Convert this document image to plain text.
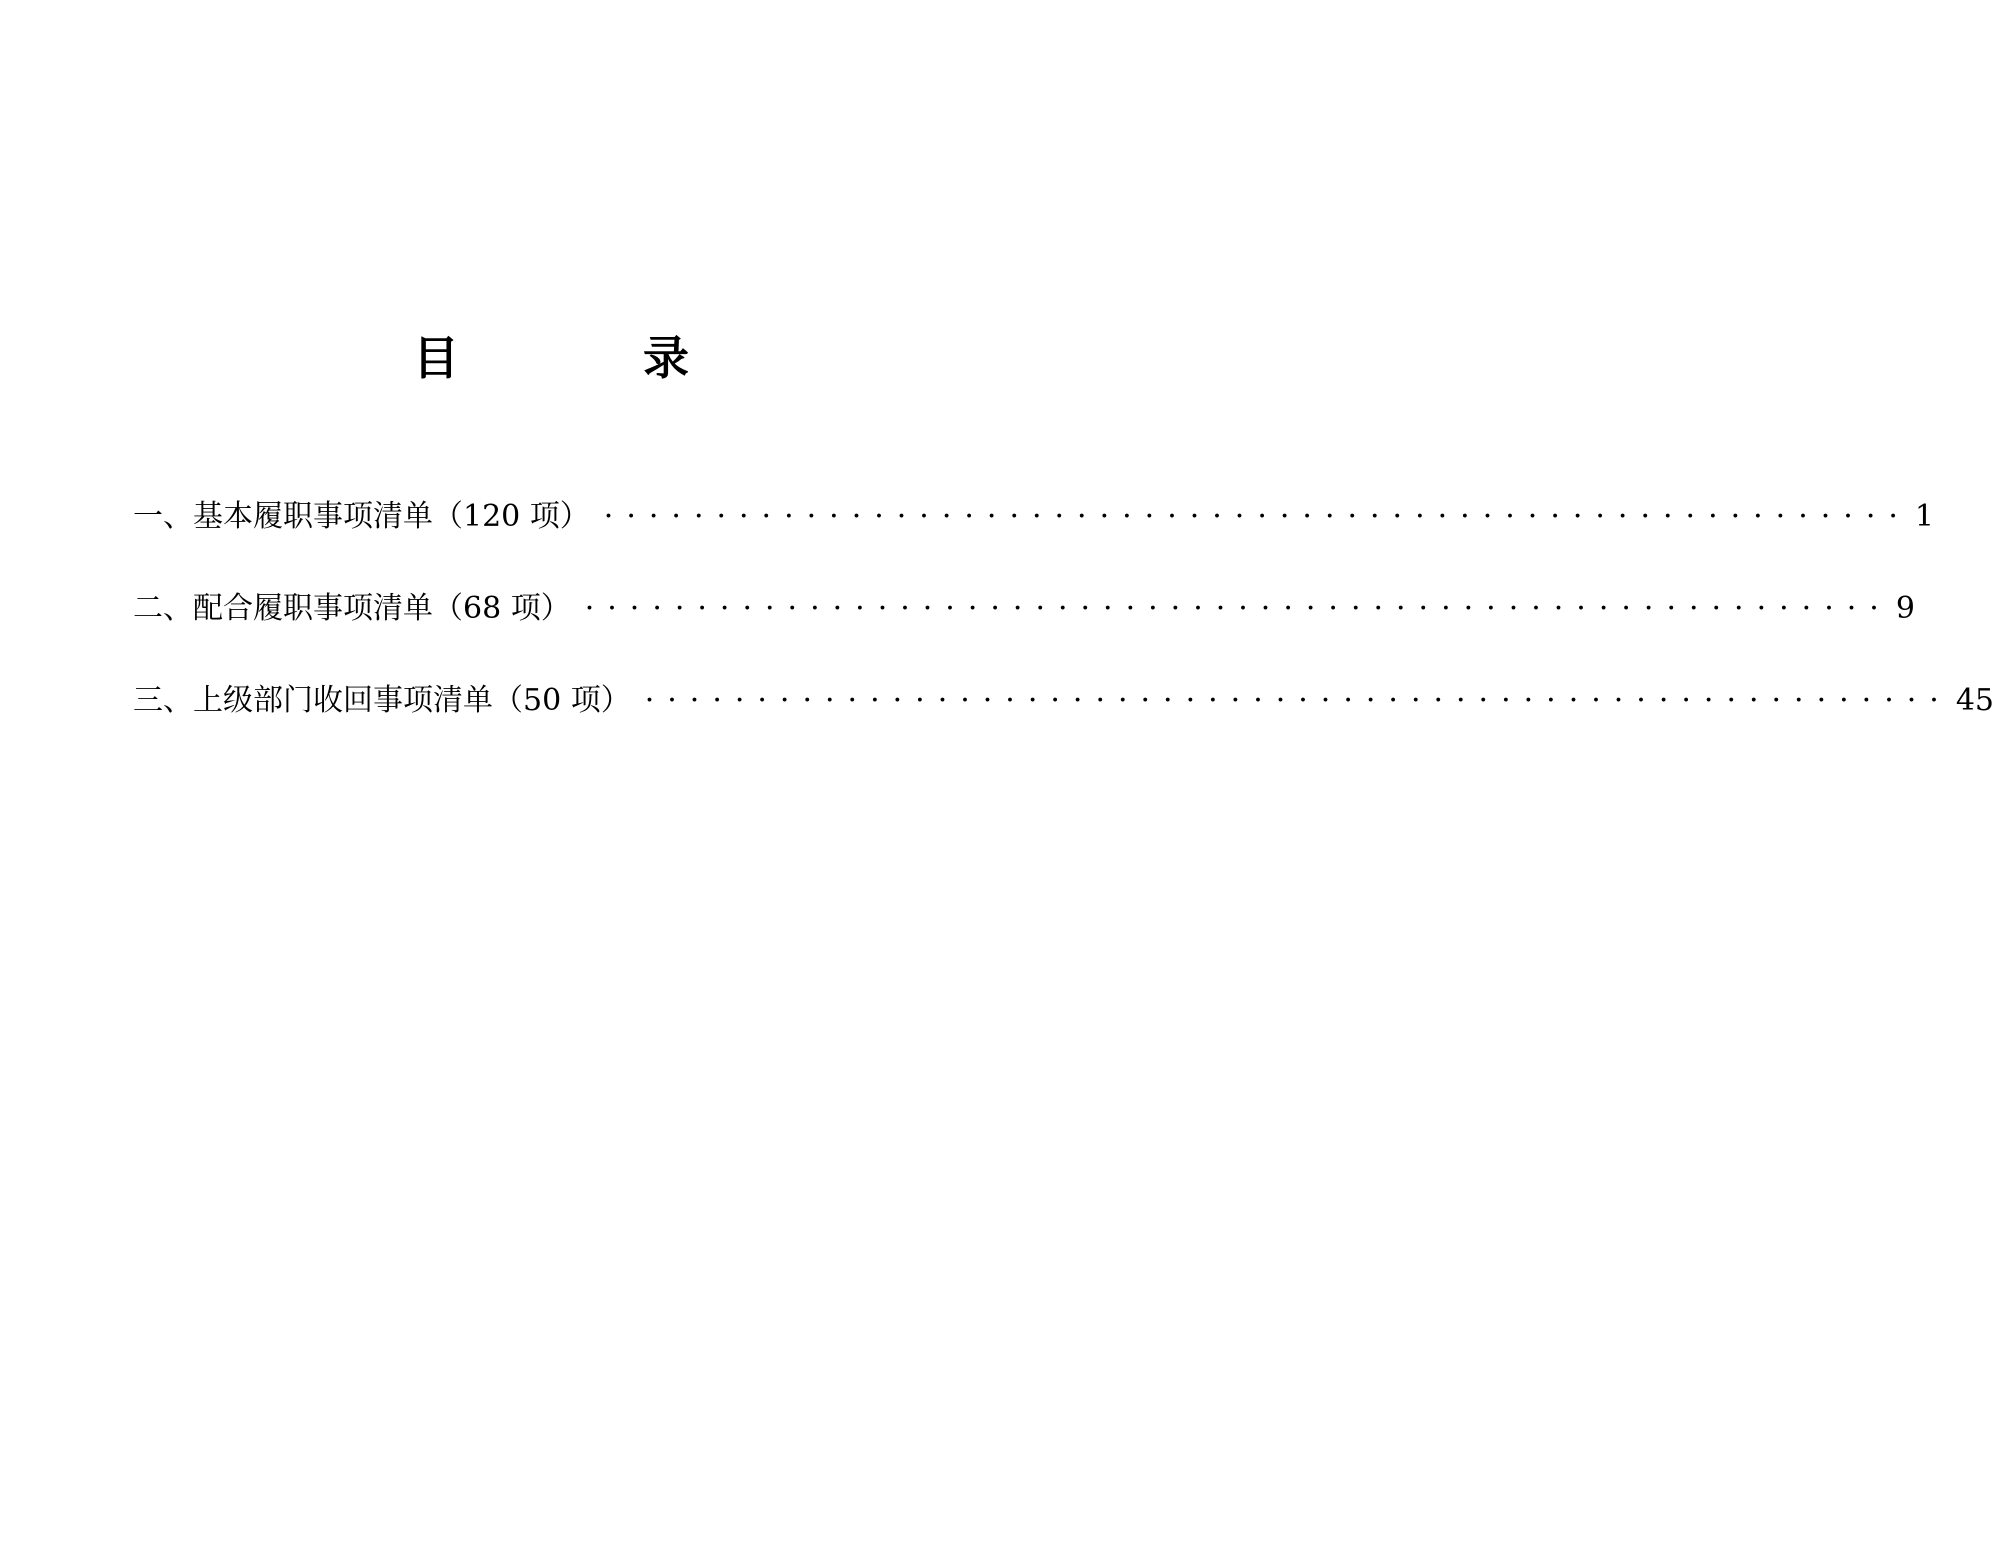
目 录
一、基本履职事项清单（120 项） ·························································· 1
二、配合履职事项清单（68 项） ·························································· 9
三、上级部门收回事项清单（50 项） ·························································· 45
